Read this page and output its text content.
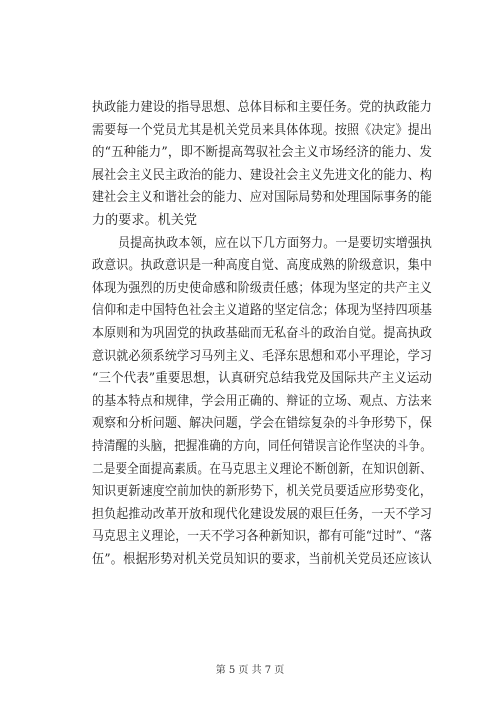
执政能力建设的指导思想、总体目标和主要任务。党的执政能力
需要每一个党员尤其是机关党员来具体体现。按照《决定》提出
的“五种能力”，即不断提高驾驭社会主义市场经济的能力、发
展社会主义民主政治的能力、建设社会主义先进文化的能力、构
建社会主义和谐社会的能力、应对国际局势和处理国际事务的能
力的要求。机关党
员提高执政本领，应在以下几方面努力。一是要切实增强执
政意识。执政意识是一种高度自觉、高度成熟的阶级意识，集中
体现为强烈的历史使命感和阶级责任感；体现为坚定的共产主义
信仰和走中国特色社会主义道路的坚定信念；体现为坚持四项基
本原则和为巩固党的执政基础而无私奋斗的政治自觉。提高执政
意识就必须系统学习马列主义、毛泽东思想和邓小平理论，学习
“三个代表”重要思想，认真研究总结我党及国际共产主义运动
的基本特点和规律，学会用正确的、辩证的立场、观点、方法来
观察和分析问题、解决问题，学会在错综复杂的斗争形势下，保
持清醒的头脑，把握准确的方向，同任何错误言论作坚决的斗争。
二是要全面提高素质。在马克思主义理论不断创新，在知识创新、
知识更新速度空前加快的新形势下，机关党员要适应形势变化，
担负起推动改革开放和现代化建设发展的艰巨任务，一天不学习
马克思主义理论，一天不学习各种新知识，都有可能“过时”、“落
伍”。根据形势对机关党员知识的要求，当前机关党员还应该认
第 5 页 共 7 页
